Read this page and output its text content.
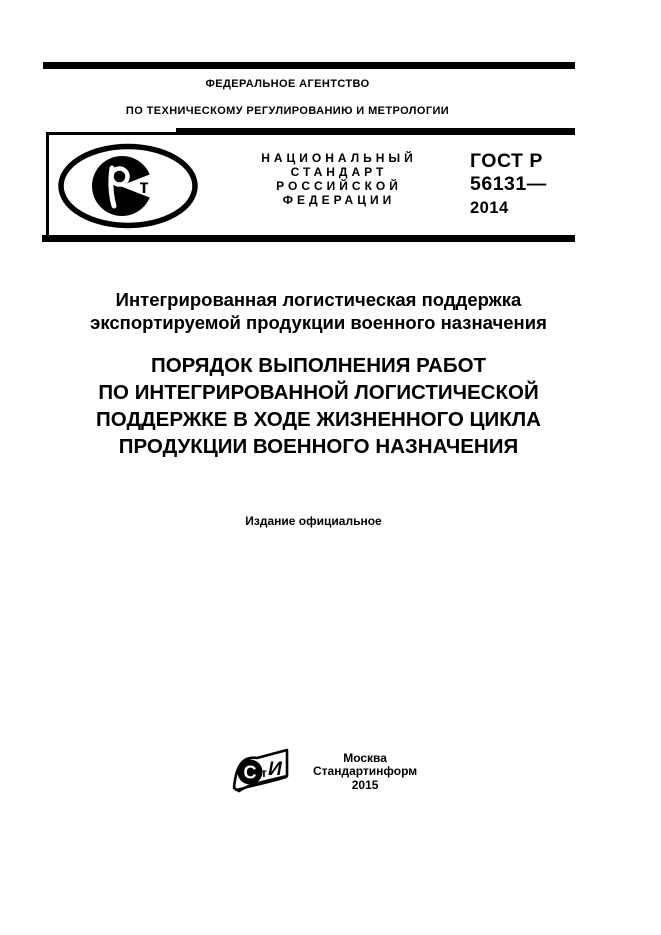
ФЕДЕРАЛЬНОЕ АГЕНТСТВО
ПО ТЕХНИЧЕСКОМУ РЕГУЛИРОВАНИЮ И МЕТРОЛОГИИ
т
НАЦИОНАЛЬНЫЙ
СТАНДАРТ
РОССИЙСКОЙ
ФЕДЕРАЦИИ
ГОСТ Р
56131—
2014
Интегрированная логистическая поддержка
экспортируемой продукции военного назначения
ПОРЯДОК ВЫПОЛНЕНИЯ РАБОТ
ПО ИНТЕГРИРОВАННОЙ ЛОГИСТИЧЕСКОЙ
ПОДДЕРЖКЕ В ХОДЕ ЖИЗНЕННОГО ЦИКЛА
ПРОДУКЦИИ ВОЕННОГО НАЗНАЧЕНИЯ
Издание официальное
С т И
Москва
Стандартинформ
2015
